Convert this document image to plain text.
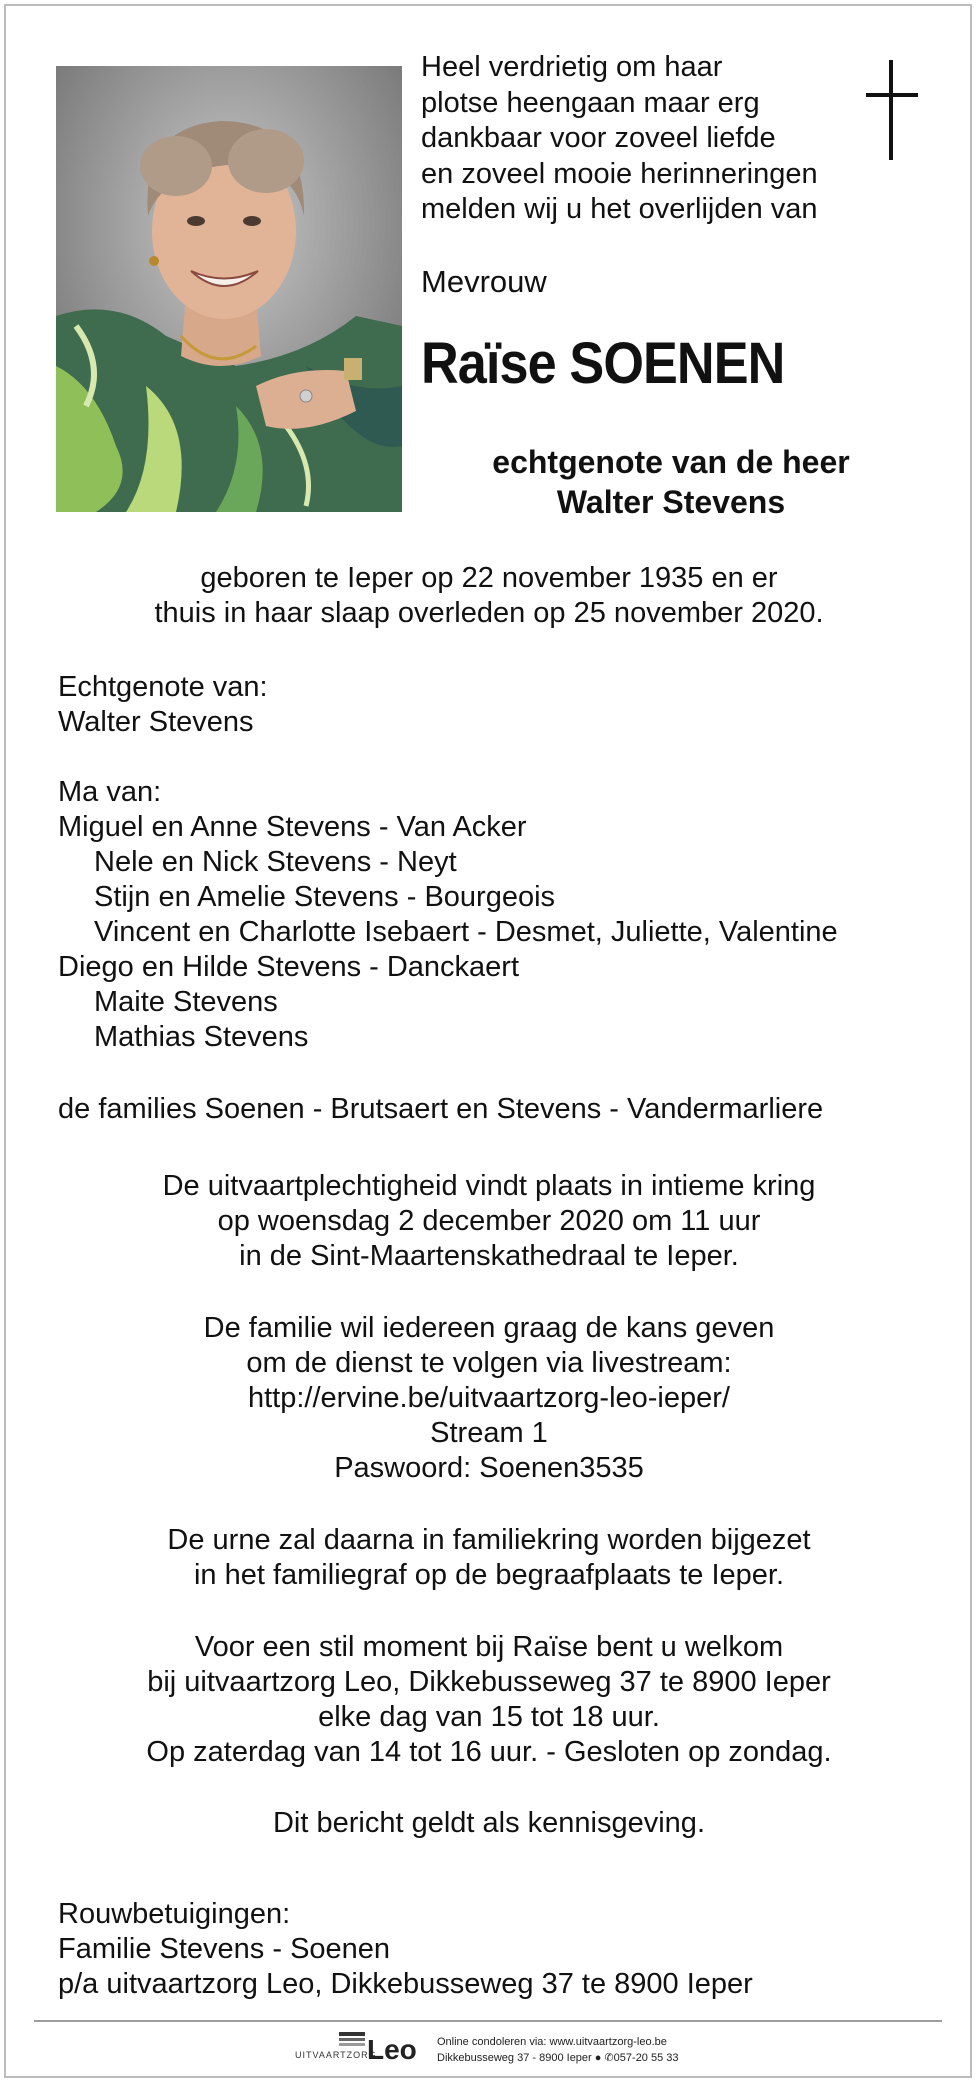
Heel verdrietig om haar
plotse heengaan maar erg
dankbaar voor zoveel liefde
en zoveel mooie herinneringen
melden wij u het overlijden van
Mevrouw
Raïse SOENEN
echtgenote van de heer
Walter Stevens
geboren te Ieper op 22 november 1935 en er
thuis in haar slaap overleden op 25 november 2020.
Echtgenote van:
Walter Stevens
Ma van:
Miguel en Anne Stevens - Van Acker
Nele en Nick Stevens - Neyt
Stijn en Amelie Stevens - Bourgeois
Vincent en Charlotte Isebaert - Desmet, Juliette, Valentine
Diego en Hilde Stevens - Danckaert
Maite Stevens
Mathias Stevens
de families Soenen - Brutsaert en Stevens - Vandermarliere
De uitvaartplechtigheid vindt plaats in intieme kring
op woensdag 2 december 2020 om 11 uur
in de Sint-Maartenskathedraal te Ieper.
De familie wil iedereen graag de kans geven
om de dienst te volgen via livestream:
http://ervine.be/uitvaartzorg-leo-ieper/
Stream 1
Paswoord: Soenen3535
De urne zal daarna in familiekring worden bijgezet
in het familiegraf op de begraafplaats te Ieper.
Voor een stil moment bij Raïse bent u welkom
bij uitvaartzorg Leo, Dikkebusseweg 37 te 8900 Ieper
elke dag van 15 tot 18 uur.
Op zaterdag van 14 tot 16 uur. - Gesloten op zondag.
Dit bericht geldt als kennisgeving.
Rouwbetuigingen:
Familie Stevens - Soenen
p/a uitvaartzorg Leo, Dikkebusseweg 37 te 8900 Ieper
UITVAARTZORG
Leo Online condoleren via: www.uitvaartzorg-leo.be
Dikkebusseweg 37 - 8900 Ieper ● ✆057-20 55 33
